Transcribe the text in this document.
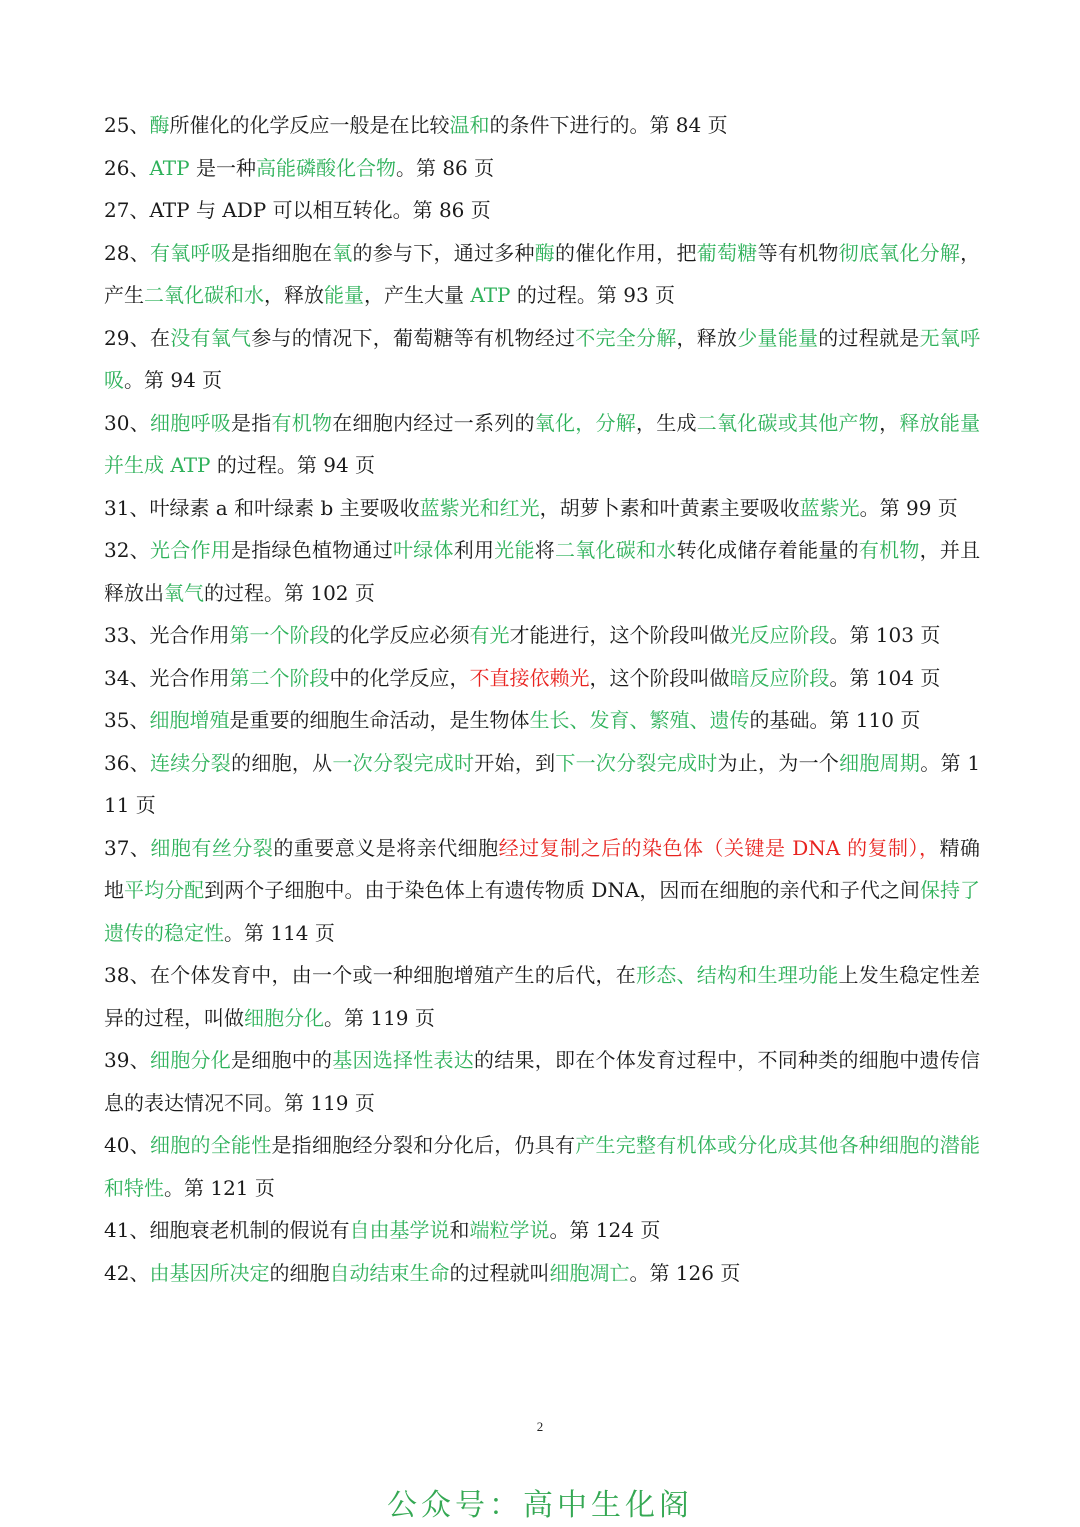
25、酶所催化的化学反应一般是在比较温和的条件下进行的。第 84 页

26、ATP 是一种高能磷酸化合物。第 86 页

27、ATP 与 ADP 可以相互转化。第 86 页

28、有氧呼吸是指细胞在氧的参与下，通过多种酶的催化作用，把葡萄糖等有机物彻底氧化分解，产生二氧化碳和水，释放能量，产生大量 ATP 的过程。第 93 页

29、在没有氧气参与的情况下，葡萄糖等有机物经过不完全分解，释放少量能量的过程就是无氧呼吸。第 94 页

30、细胞呼吸是指有机物在细胞内经过一系列的氧化，分解，生成二氧化碳或其他产物，释放能量并生成 ATP 的过程。第 94 页

31、叶绿素 a 和叶绿素 b 主要吸收蓝紫光和红光，胡萝卜素和叶黄素主要吸收蓝紫光。第 99 页

32、光合作用是指绿色植物通过叶绿体利用光能将二氧化碳和水转化成储存着能量的有机物，并且释放出氧气的过程。第 102 页

33、光合作用第一个阶段的化学反应必须有光才能进行，这个阶段叫做光反应阶段。第 103 页

34、光合作用第二个阶段中的化学反应，不直接依赖光，这个阶段叫做暗反应阶段。第 104 页

35、细胞增殖是重要的细胞生命活动，是生物体生长、发育、繁殖、遗传的基础。第 110 页

36、连续分裂的细胞，从一次分裂完成时开始，到下一次分裂完成时为止，为一个细胞周期。第 111 页

37、细胞有丝分裂的重要意义是将亲代细胞经过复制之后的染色体（关键是 DNA 的复制），精确地平均分配到两个子细胞中。由于染色体上有遗传物质 DNA，因而在细胞的亲代和子代之间保持了遗传的稳定性。第 114 页

38、在个体发育中，由一个或一种细胞增殖产生的后代，在形态、结构和生理功能上发生稳定性差异的过程，叫做细胞分化。第 119 页

39、细胞分化是细胞中的基因选择性表达的结果，即在个体发育过程中，不同种类的细胞中遗传信息的表达情况不同。第 119 页

40、细胞的全能性是指细胞经分裂和分化后，仍具有产生完整有机体或分化成其他各种细胞的潜能和特性。第 121 页

41、细胞衰老机制的假说有自由基学说和端粒学说。第 124 页

42、由基因所决定的细胞自动结束生命的过程就叫细胞凋亡。第 126 页

2
公众号：高中生化阁
